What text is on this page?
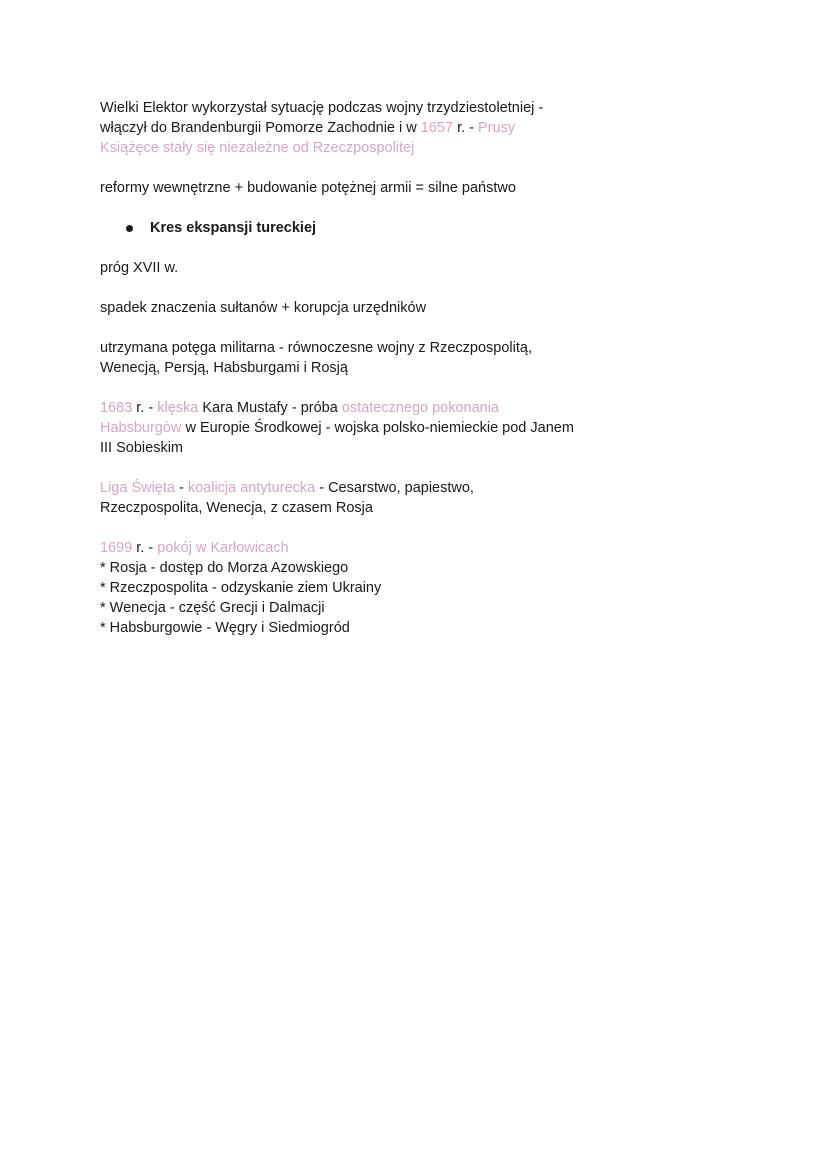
Wielki Elektor wykorzystał sytuację podczas wojny trzydziestoletniej -
włączył do Brandenburgii Pomorze Zachodnie i w 1657 r. - Prusy
Książęce stały się niezależne od Rzeczpospolitej
reformy wewnętrzne + budowanie potężnej armii = silne państwo
Kres ekspansji tureckiej
próg XVII w.
spadek znaczenia sułtanów + korupcja urzędników
utrzymana potęga militarna - równoczesne wojny z Rzeczpospolitą,
Wenecją, Persją, Habsburgami i Rosją
1683 r. - klęska Kara Mustafy - próba ostatecznego pokonania
Habsburgów w Europie Środkowej - wojska polsko-niemieckie pod Janem
III Sobieskim
Liga Święta - koalicja antyturecka - Cesarstwo, papiestwo,
Rzeczpospolita, Wenecja, z czasem Rosja
1699 r. - pokój w Karłowicach
* Rosja - dostęp do Morza Azowskiego
* Rzeczpospolita - odzyskanie ziem Ukrainy
* Wenecja - część Grecji i Dalmacji
* Habsburgowie - Węgry i Siedmiogród
